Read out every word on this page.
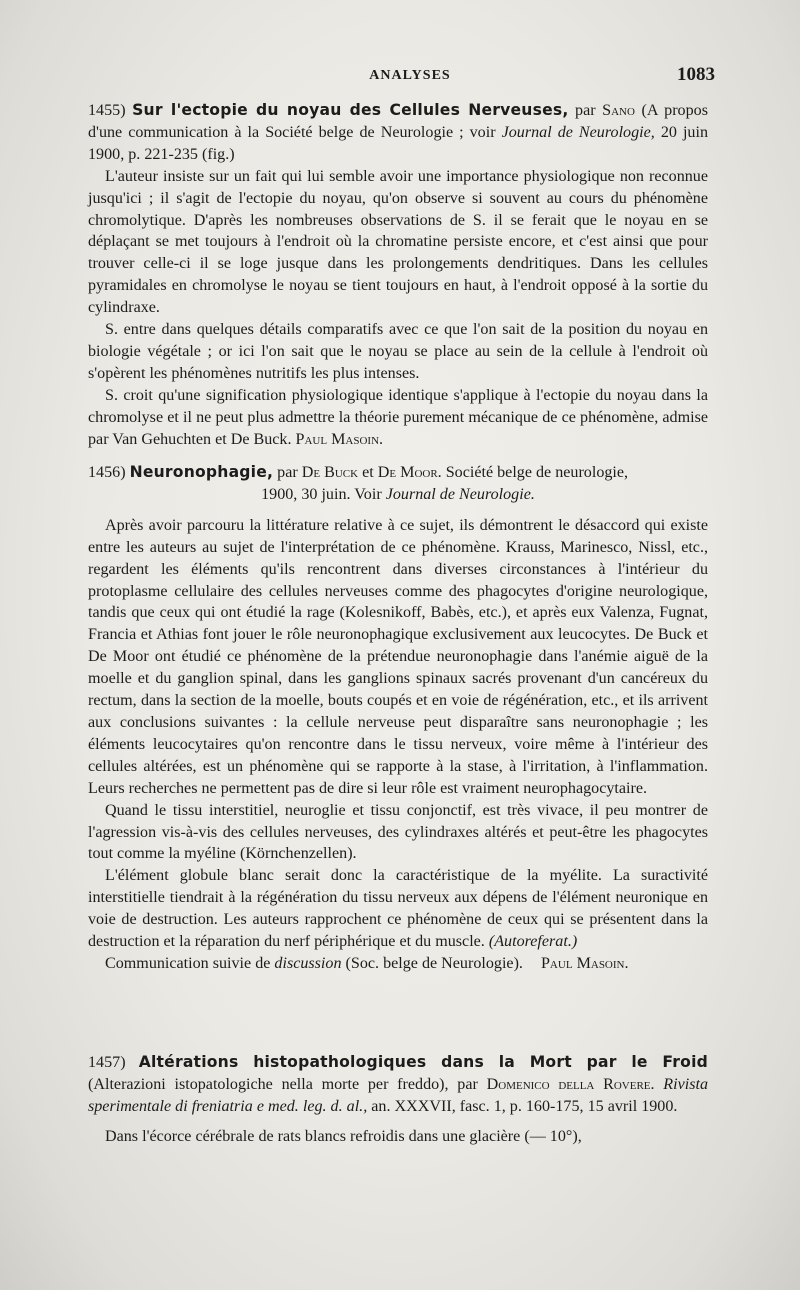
ANALYSES	1083

1455) Sur l'ectopie du noyau des Cellules Nerveuses, par Sano (A propos d'une communication à la Société belge de Neurologie ; voir Journal de Neurologie, 20 juin 1900, p. 221-235 (fig.)

L'auteur insiste sur un fait qui lui semble avoir une importance physiologique non reconnue jusqu'ici ; il s'agit de l'ectopie du noyau, qu'on observe si souvent au cours du phénomène chromolytique. D'après les nombreuses observations de S. il se ferait que le noyau en se déplaçant se met toujours à l'endroit où la chromatine persiste encore, et c'est ainsi que pour trouver celle-ci il se loge jusque dans les prolongements dendritiques. Dans les cellules pyramidales en chromolyse le noyau se tient toujours en haut, à l'endroit opposé à la sortie du cylindraxe.

S. entre dans quelques détails comparatifs avec ce que l'on sait de la position du noyau en biologie végétale ; or ici l'on sait que le noyau se place au sein de la cellule à l'endroit où s'opèrent les phénomènes nutritifs les plus intenses.

S. croit qu'une signification physiologique identique s'applique à l'ectopie du noyau dans la chromolyse et il ne peut plus admettre la théorie purement mécanique de ce phénomène, admise par Van Gehuchten et De Buck. Paul Masoin.

1456) Neuronophagie, par De Buck et De Moor. Société belge de neurologie,

1900, 30 juin. Voir Journal de Neurologie.

Après avoir parcouru la littérature relative à ce sujet, ils démontrent le désaccord qui existe entre les auteurs au sujet de l'interprétation de ce phénomène. Krauss, Marinesco, Nissl, etc., regardent les éléments qu'ils rencontrent dans diverses circonstances à l'intérieur du protoplasme cellulaire des cellules nerveuses comme des phagocytes d'origine neurologique, tandis que ceux qui ont étudié la rage (Kolesnikoff, Babès, etc.), et après eux Valenza, Fugnat, Francia et Athias font jouer le rôle neuronophagique exclusivement aux leucocytes. De Buck et De Moor ont étudié ce phénomène de la prétendue neuronophagie dans l'anémie aiguë de la moelle et du ganglion spinal, dans les ganglions spinaux sacrés provenant d'un cancéreux du rectum, dans la section de la moelle, bouts coupés et en voie de régénération, etc., et ils arrivent aux conclusions suivantes : la cellule nerveuse peut disparaître sans neuronophagie ; les éléments leucocytaires qu'on rencontre dans le tissu nerveux, voire même à l'intérieur des cellules altérées, est un phénomène qui se rapporte à la stase, à l'irritation, à l'inflammation. Leurs recherches ne permettent pas de dire si leur rôle est vraiment neurophagocytaire.

Quand le tissu interstitiel, neuroglie et tissu conjonctif, est très vivace, il peu montrer de l'agression vis-à-vis des cellules nerveuses, des cylindraxes altérés et peut-être les phagocytes tout comme la myéline (Körnchenzellen).

L'élément globule blanc serait donc la caractéristique de la myélite. La suractivité interstitielle tiendrait à la régénération du tissu nerveux aux dépens de l'élément neuronique en voie de destruction. Les auteurs rapprochent ce phénomène de ceux qui se présentent dans la destruction et la réparation du nerf périphérique et du muscle. (Autoreferat.)

Communication suivie de discussion (Soc. belge de Neurologie). Paul Masoin.

1457) Altérations histopathologiques dans la Mort par le Froid (Alterazioni istopatologiche nella morte per freddo), par Domenico della Rovere. Rivista sperimentale di freniatria e med. leg. d. al., an. XXXVII, fasc. 1, p. 160-175, 15 avril 1900.

Dans l'écorce cérébrale de rats blancs refroidis dans une glacière (— 10°),
